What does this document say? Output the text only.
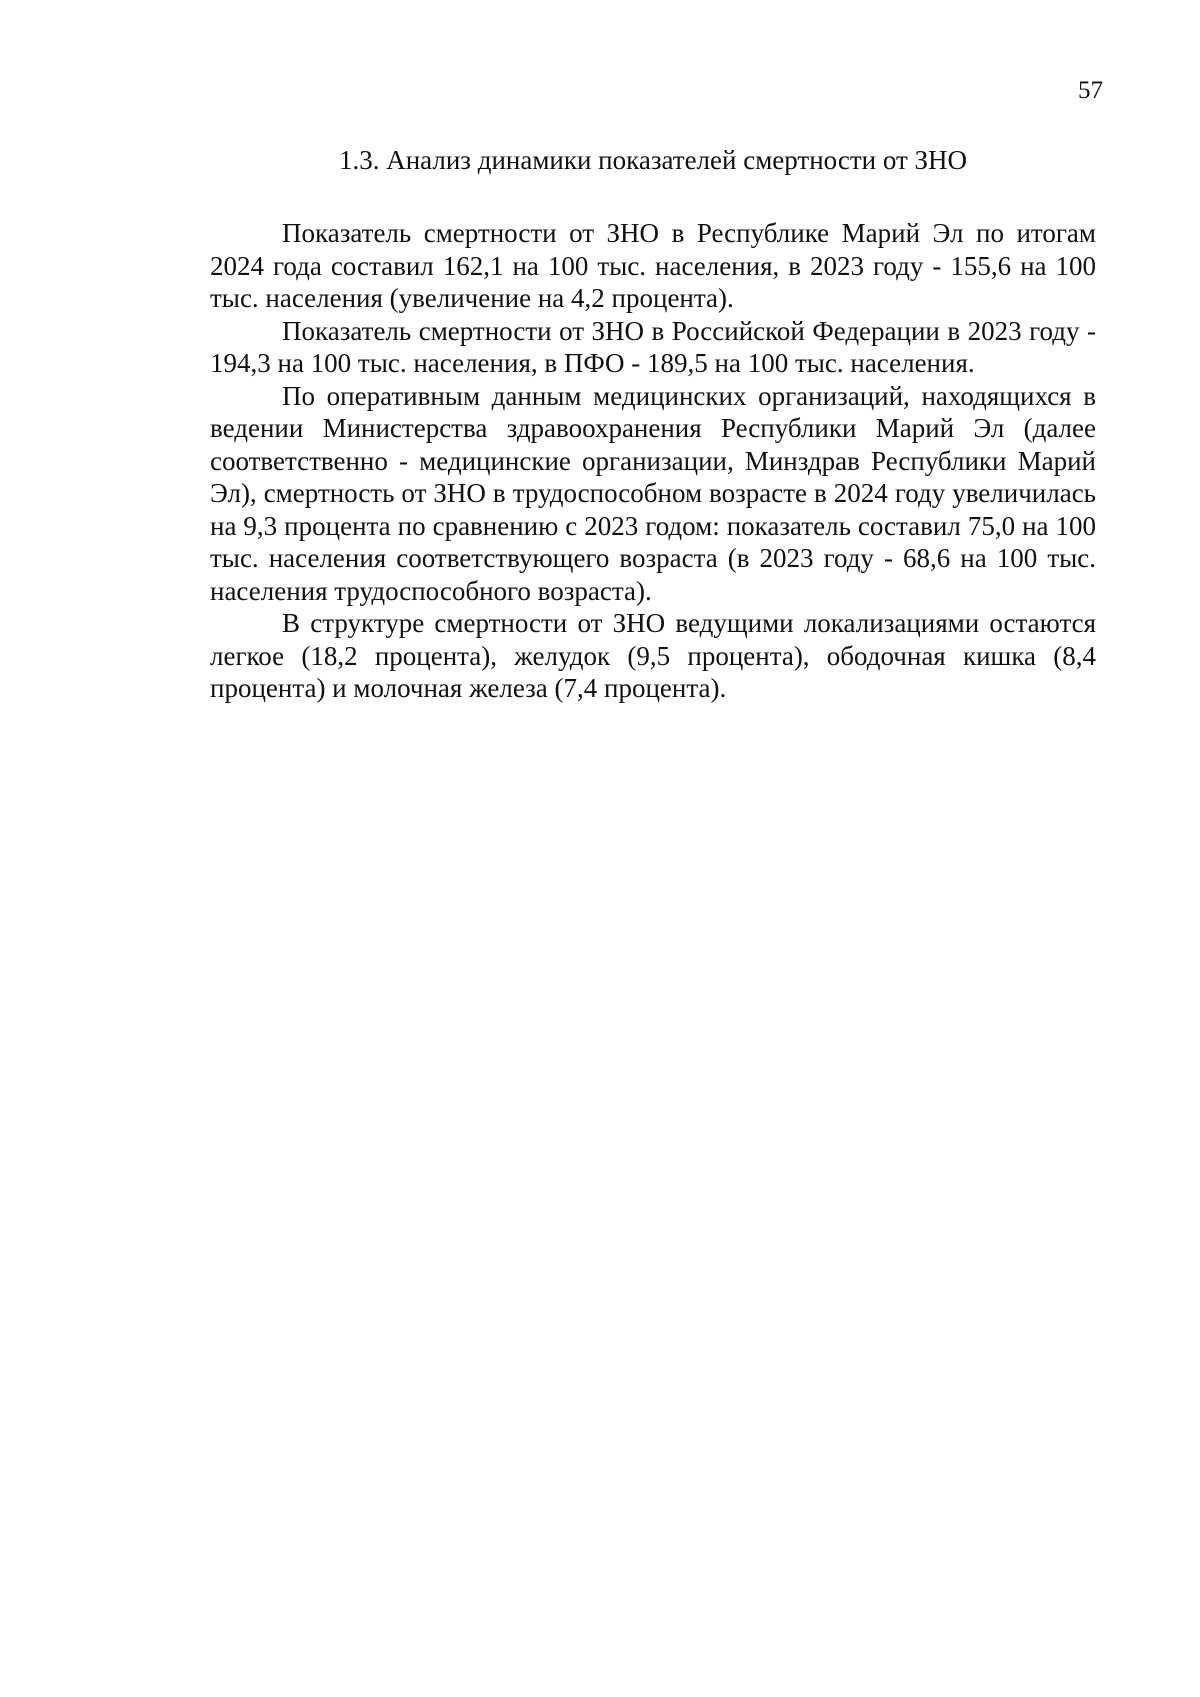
57
1.3. Анализ динамики показателей смертности от ЗНО

Показатель смертности от ЗНО в Республике Марий Эл по итогам 2024 года составил 162,1 на 100 тыс. населения, в 2023 году - 155,6 на 100 тыс. населения (увеличение на 4,2 процента).

Показатель смертности от ЗНО в Российской Федерации в 2023 году - 194,3 на 100 тыс. населения, в ПФО - 189,5 на 100 тыс. населения.

По оперативным данным медицинских организаций, находящихся в ведении Министерства здравоохранения Республики Марий Эл (далее соответственно - медицинские организации, Минздрав Республики Марий Эл), смертность от ЗНО в трудоспособном возрасте в 2024 году увеличилась на 9,3 процента по сравнению с 2023 годом: показатель составил 75,0 на 100 тыс. населения соответствующего возраста (в 2023 году - 68,6 на 100 тыс. населения трудоспособного возраста).

В структуре смертности от ЗНО ведущими локализациями остаются легкое (18,2 процента), желудок (9,5 процента), ободочная кишка (8,4 процента) и молочная железа (7,4 процента).
